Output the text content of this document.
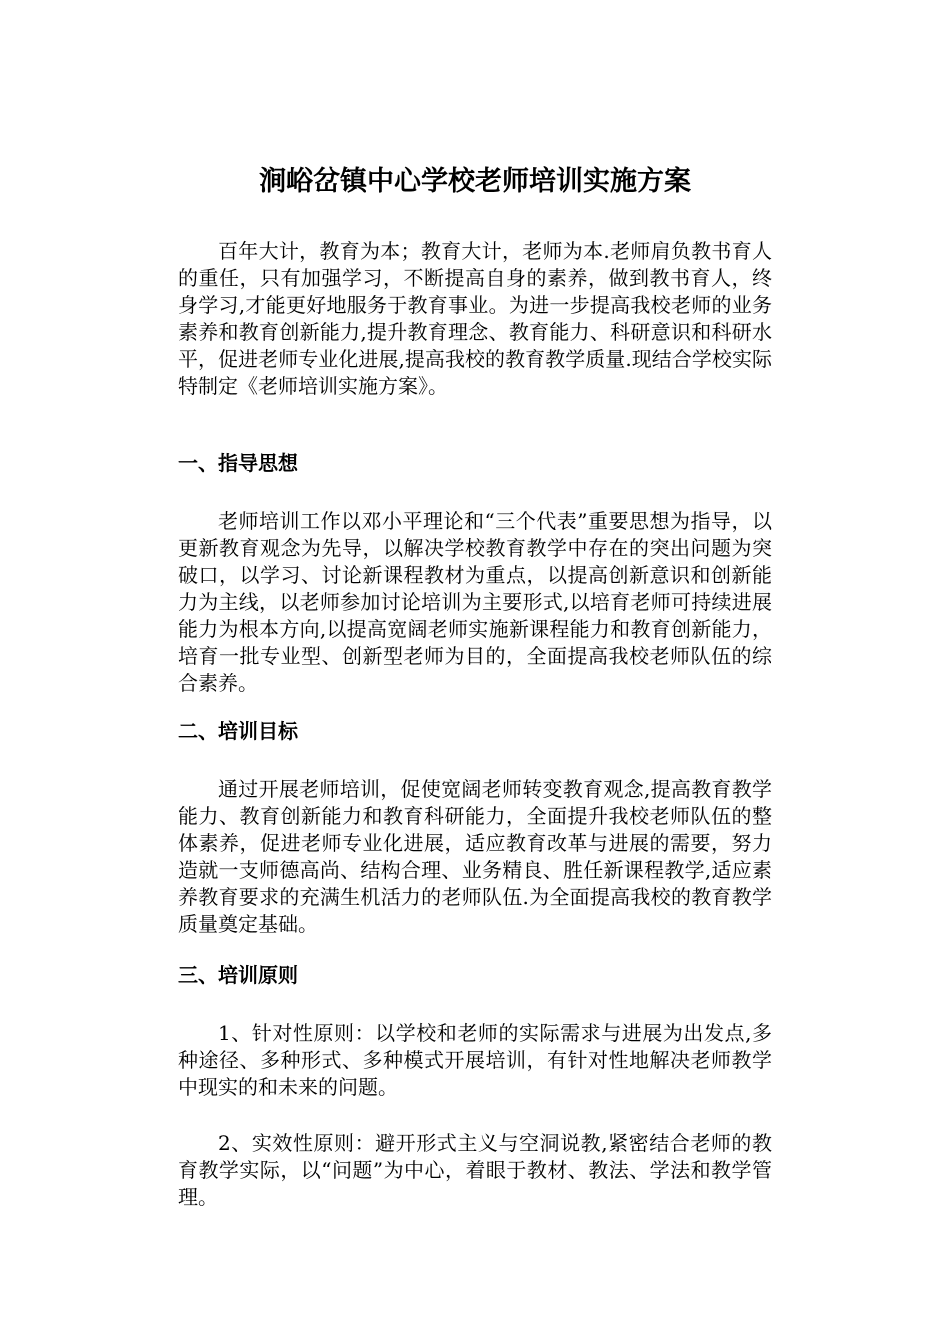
涧峪岔镇中心学校老师培训实施方案

百年大计，教育为本；教育大计，老师为本.老师肩负教书育人的重任，只有加强学习，不断提高自身的素养，做到教书育人，终身学习,才能更好地服务于教育事业。为进一步提高我校老师的业务素养和教育创新能力,提升教育理念、教育能力、科研意识和科研水平，促进老师专业化进展,提高我校的教育教学质量.现结合学校实际特制定《老师培训实施方案》。

一、指导思想

老师培训工作以邓小平理论和“三个代表”重要思想为指导，以更新教育观念为先导，以解决学校教育教学中存在的突出问题为突破口，以学习、讨论新课程教材为重点，以提高创新意识和创新能力为主线，以老师参加讨论培训为主要形式,以培育老师可持续进展能力为根本方向,以提高宽阔老师实施新课程能力和教育创新能力，培育一批专业型、创新型老师为目的，全面提高我校老师队伍的综合素养。

二、培训目标

通过开展老师培训，促使宽阔老师转变教育观念,提高教育教学能力、教育创新能力和教育科研能力，全面提升我校老师队伍的整体素养，促进老师专业化进展，适应教育改革与进展的需要，努力造就一支师德高尚、结构合理、业务精良、胜任新课程教学,适应素养教育要求的充满生机活力的老师队伍.为全面提高我校的教育教学质量奠定基础。

三、培训原则

1、针对性原则：以学校和老师的实际需求与进展为出发点,多种途径、多种形式、多种模式开展培训，有针对性地解决老师教学中现实的和未来的问题。

2、实效性原则：避开形式主义与空洞说教,紧密结合老师的教育教学实际，以“问题”为中心，着眼于教材、教法、学法和教学管理。
